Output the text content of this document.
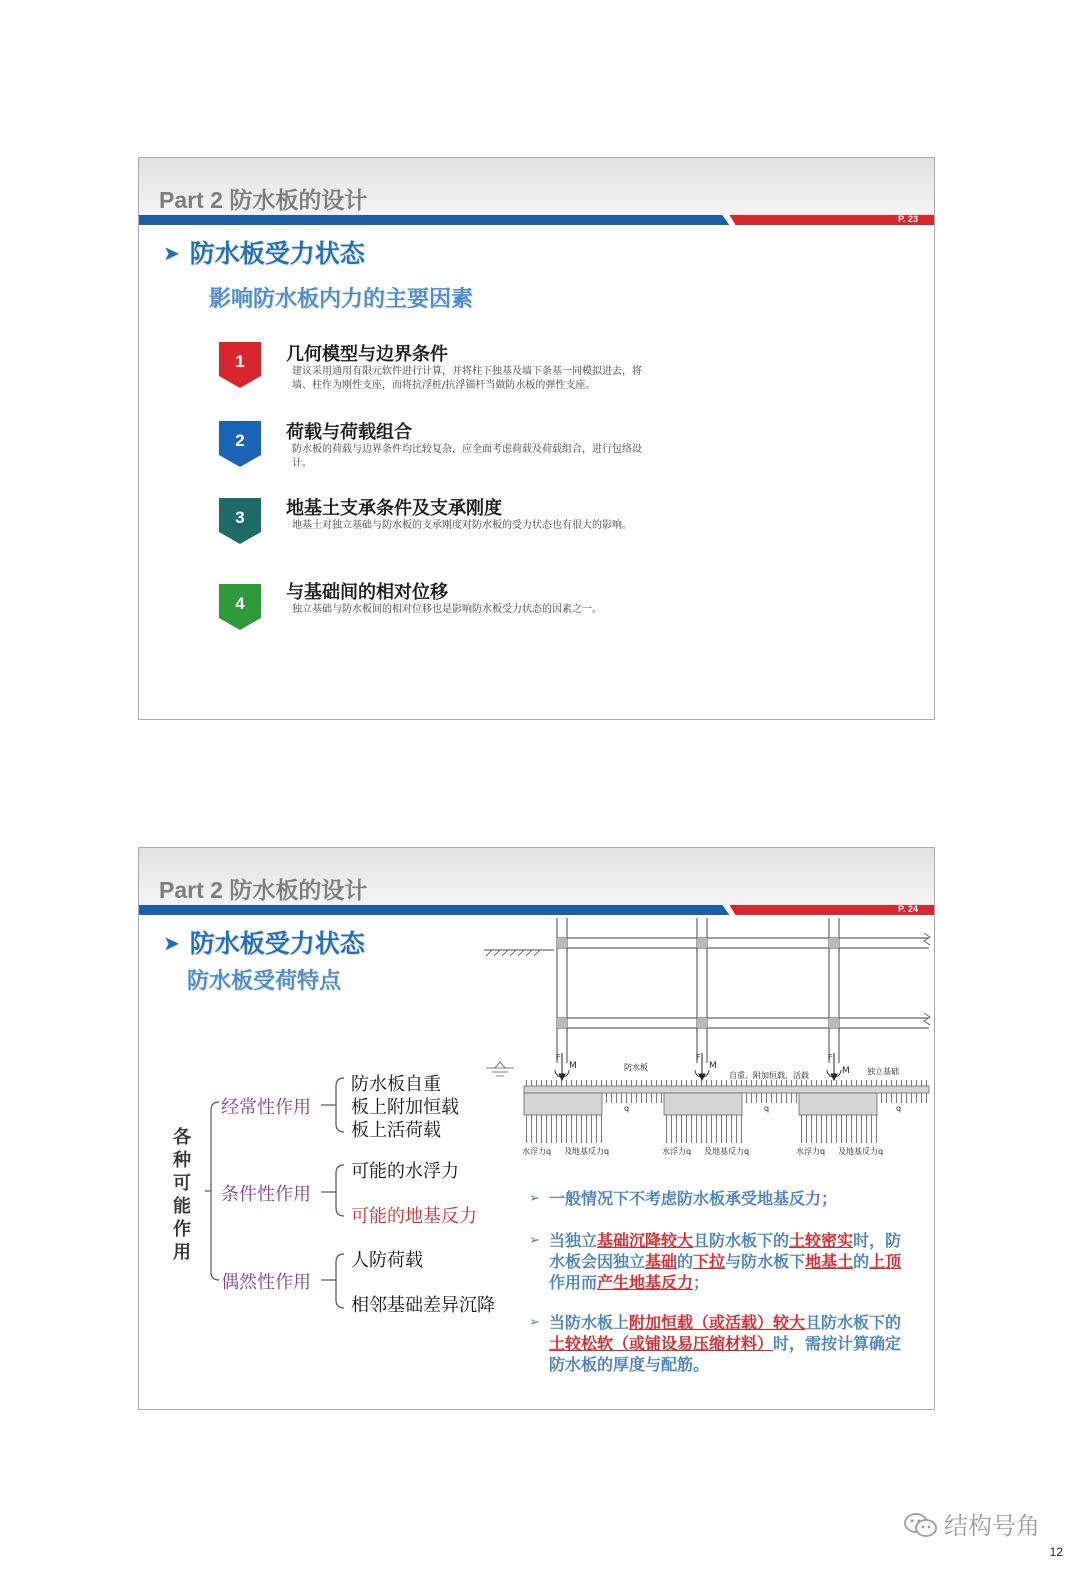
Part 2 防水板的设计
P. 23
➤ 防水板受力状态
影响防水板内力的主要因素
1 几何模型与边界条件
建议采用通用有限元软件进行计算，并将柱下独基及墙下条基一同模拟进去，将墙、柱作为刚性支座，而将抗浮桩/抗浮锚杆当做防水板的弹性支座。
2 荷载与荷载组合
防水板的荷载与边界条件均比较复杂，应全面考虑荷载及荷载组合，进行包络设计。
3 地基土支承条件及支承刚度
地基土对独立基础与防水板的支承刚度对防水板的受力状态也有很大的影响。
4
与基础间的相对位移
独立基础与防水板间的相对位移也是影响防水板受力状态的因素之一。
Part 2 防水板的设计
P. 24
➤ 防水板受力状态
防水板受荷特点
M	M	M
F	F	F
防水板
自重、附加恒载、活载	独立基础
q	q	q
水浮力q 及地基反力q	水浮力q 及地基反力q	水浮力q 及地基反力q
各种可能作用
经常性作用
条件性作用
偶然性作用
防水板自重
板上附加恒载
板上活荷载
可能的水浮力
可能的地基反力
人防荷载
相邻基础差异沉降
➢ 一般情况下不考虑防水板承受地基反力；
➢ 当独立基础沉降较大且防水板下的土较密实时，防水板会因独立基础的下拉与防水板下地基土的上顶作用而产生地基反力；
➢ 当防水板上附加恒载（或活载）较大且防水板下的土较松软（或铺设易压缩材料）时，需按计算确定防水板的厚度与配筋。
结构号角
12
